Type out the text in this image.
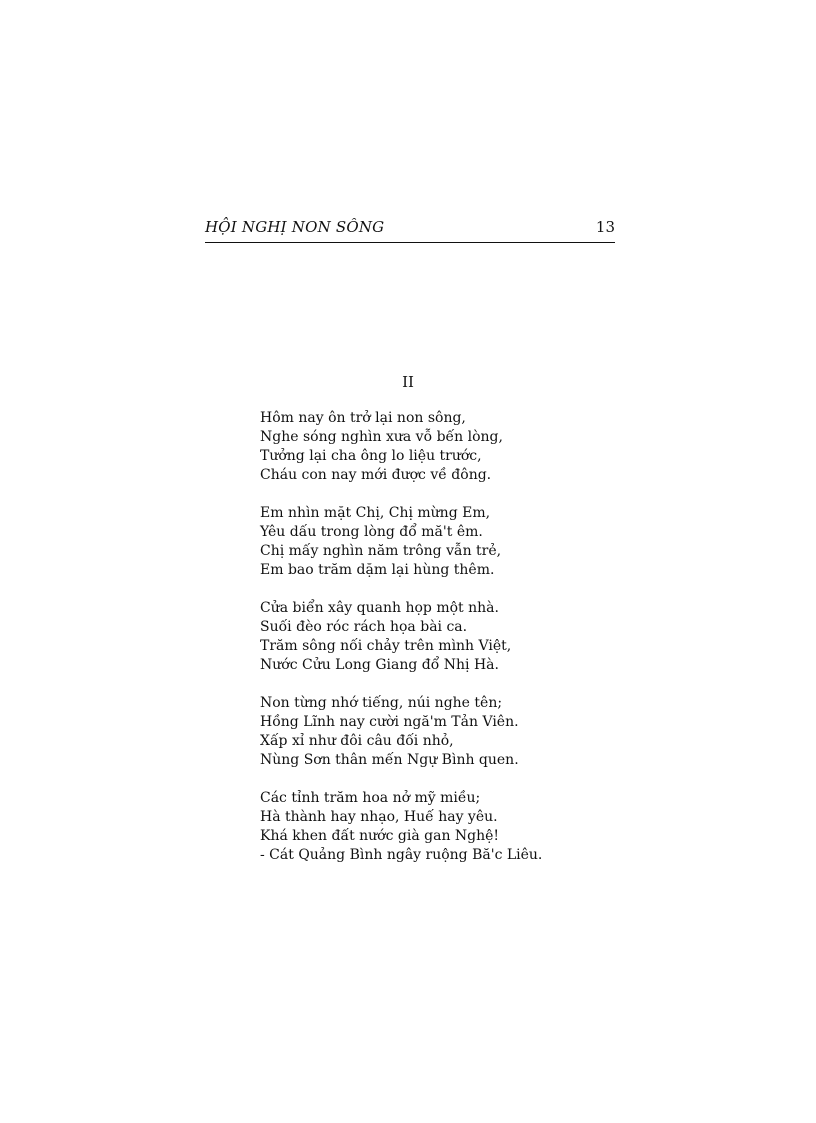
HỘI NGHỊ NON SÔNG	13
II
Hôm nay ôn trở lại non sông,
Nghe sóng nghìn xưa vỗ bến lòng,
Tưởng lại cha ông lo liệu trước,
Cháu con nay mới được về đông.
Em nhìn mặt Chị, Chị mừng Em,
Yêu dấu trong lòng đổ mă't êm.
Chị mấy nghìn năm trông vẫn trẻ,
Em bao trăm dặm lại hùng thêm.
Cửa biển xây quanh họp một nhà.
Suối đèo róc rách họa bài ca.
Trăm sông nối chảy trên mình Việt,
Nước Cửu Long Giang đổ Nhị Hà.
Non từng nhớ tiếng, núi nghe tên;
Hồng Lĩnh nay cười ngă'm Tản Viên.
Xấp xỉ như đôi câu đối nhỏ,
Nùng Sơn thân mến Ngự Bình quen.
Các tỉnh trăm hoa nở mỹ miều;
Hà thành hay nhạo, Huế hay yêu.
Khá khen đất nước già gan Nghệ!
- Cát Quảng Bình ngây ruộng Bă'c Liêu.
